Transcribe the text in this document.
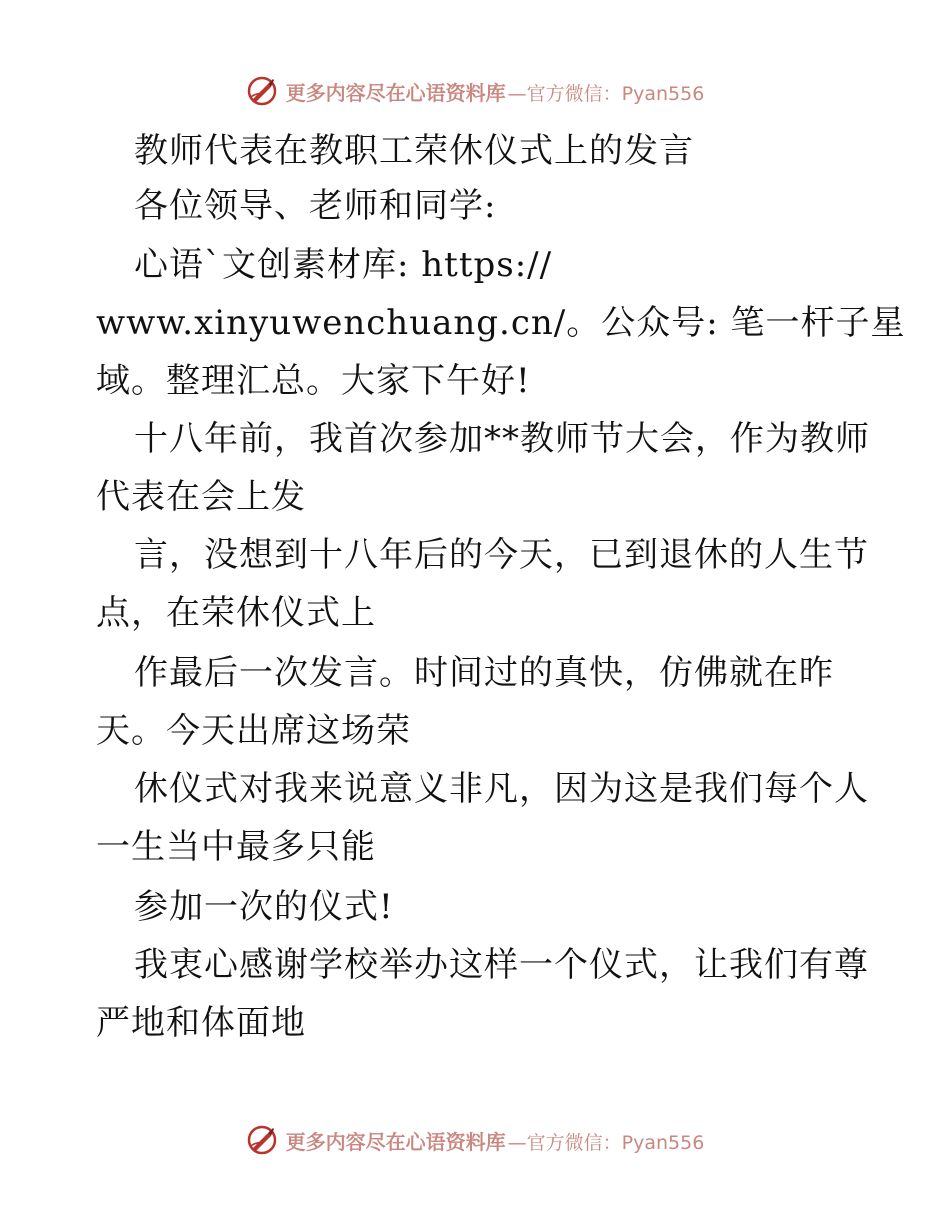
更多内容尽在心语资料库 —官方微信：Pyan556
教师代表在教职工荣休仪式上的发言
各位领导、老师和同学:
心语`文创素材库: https://
www.xinyuwenchuang.cn/。公众号: 笔一杆子星
域。整理汇总。大家下午好!
十八年前，我首次参加**教师节大会，作为教师
代表在会上发
言，没想到十八年后的今天，已到退休的人生节
点，在荣休仪式上
作最后一次发言。时间过的真快，仿佛就在昨
天。今天出席这场荣
休仪式对我来说意义非凡，因为这是我们每个人
一生当中最多只能
参加一次的仪式!
我衷心感谢学校举办这样一个仪式，让我们有尊
严地和体面地
更多内容尽在心语资料库 —官方微信：Pyan556
